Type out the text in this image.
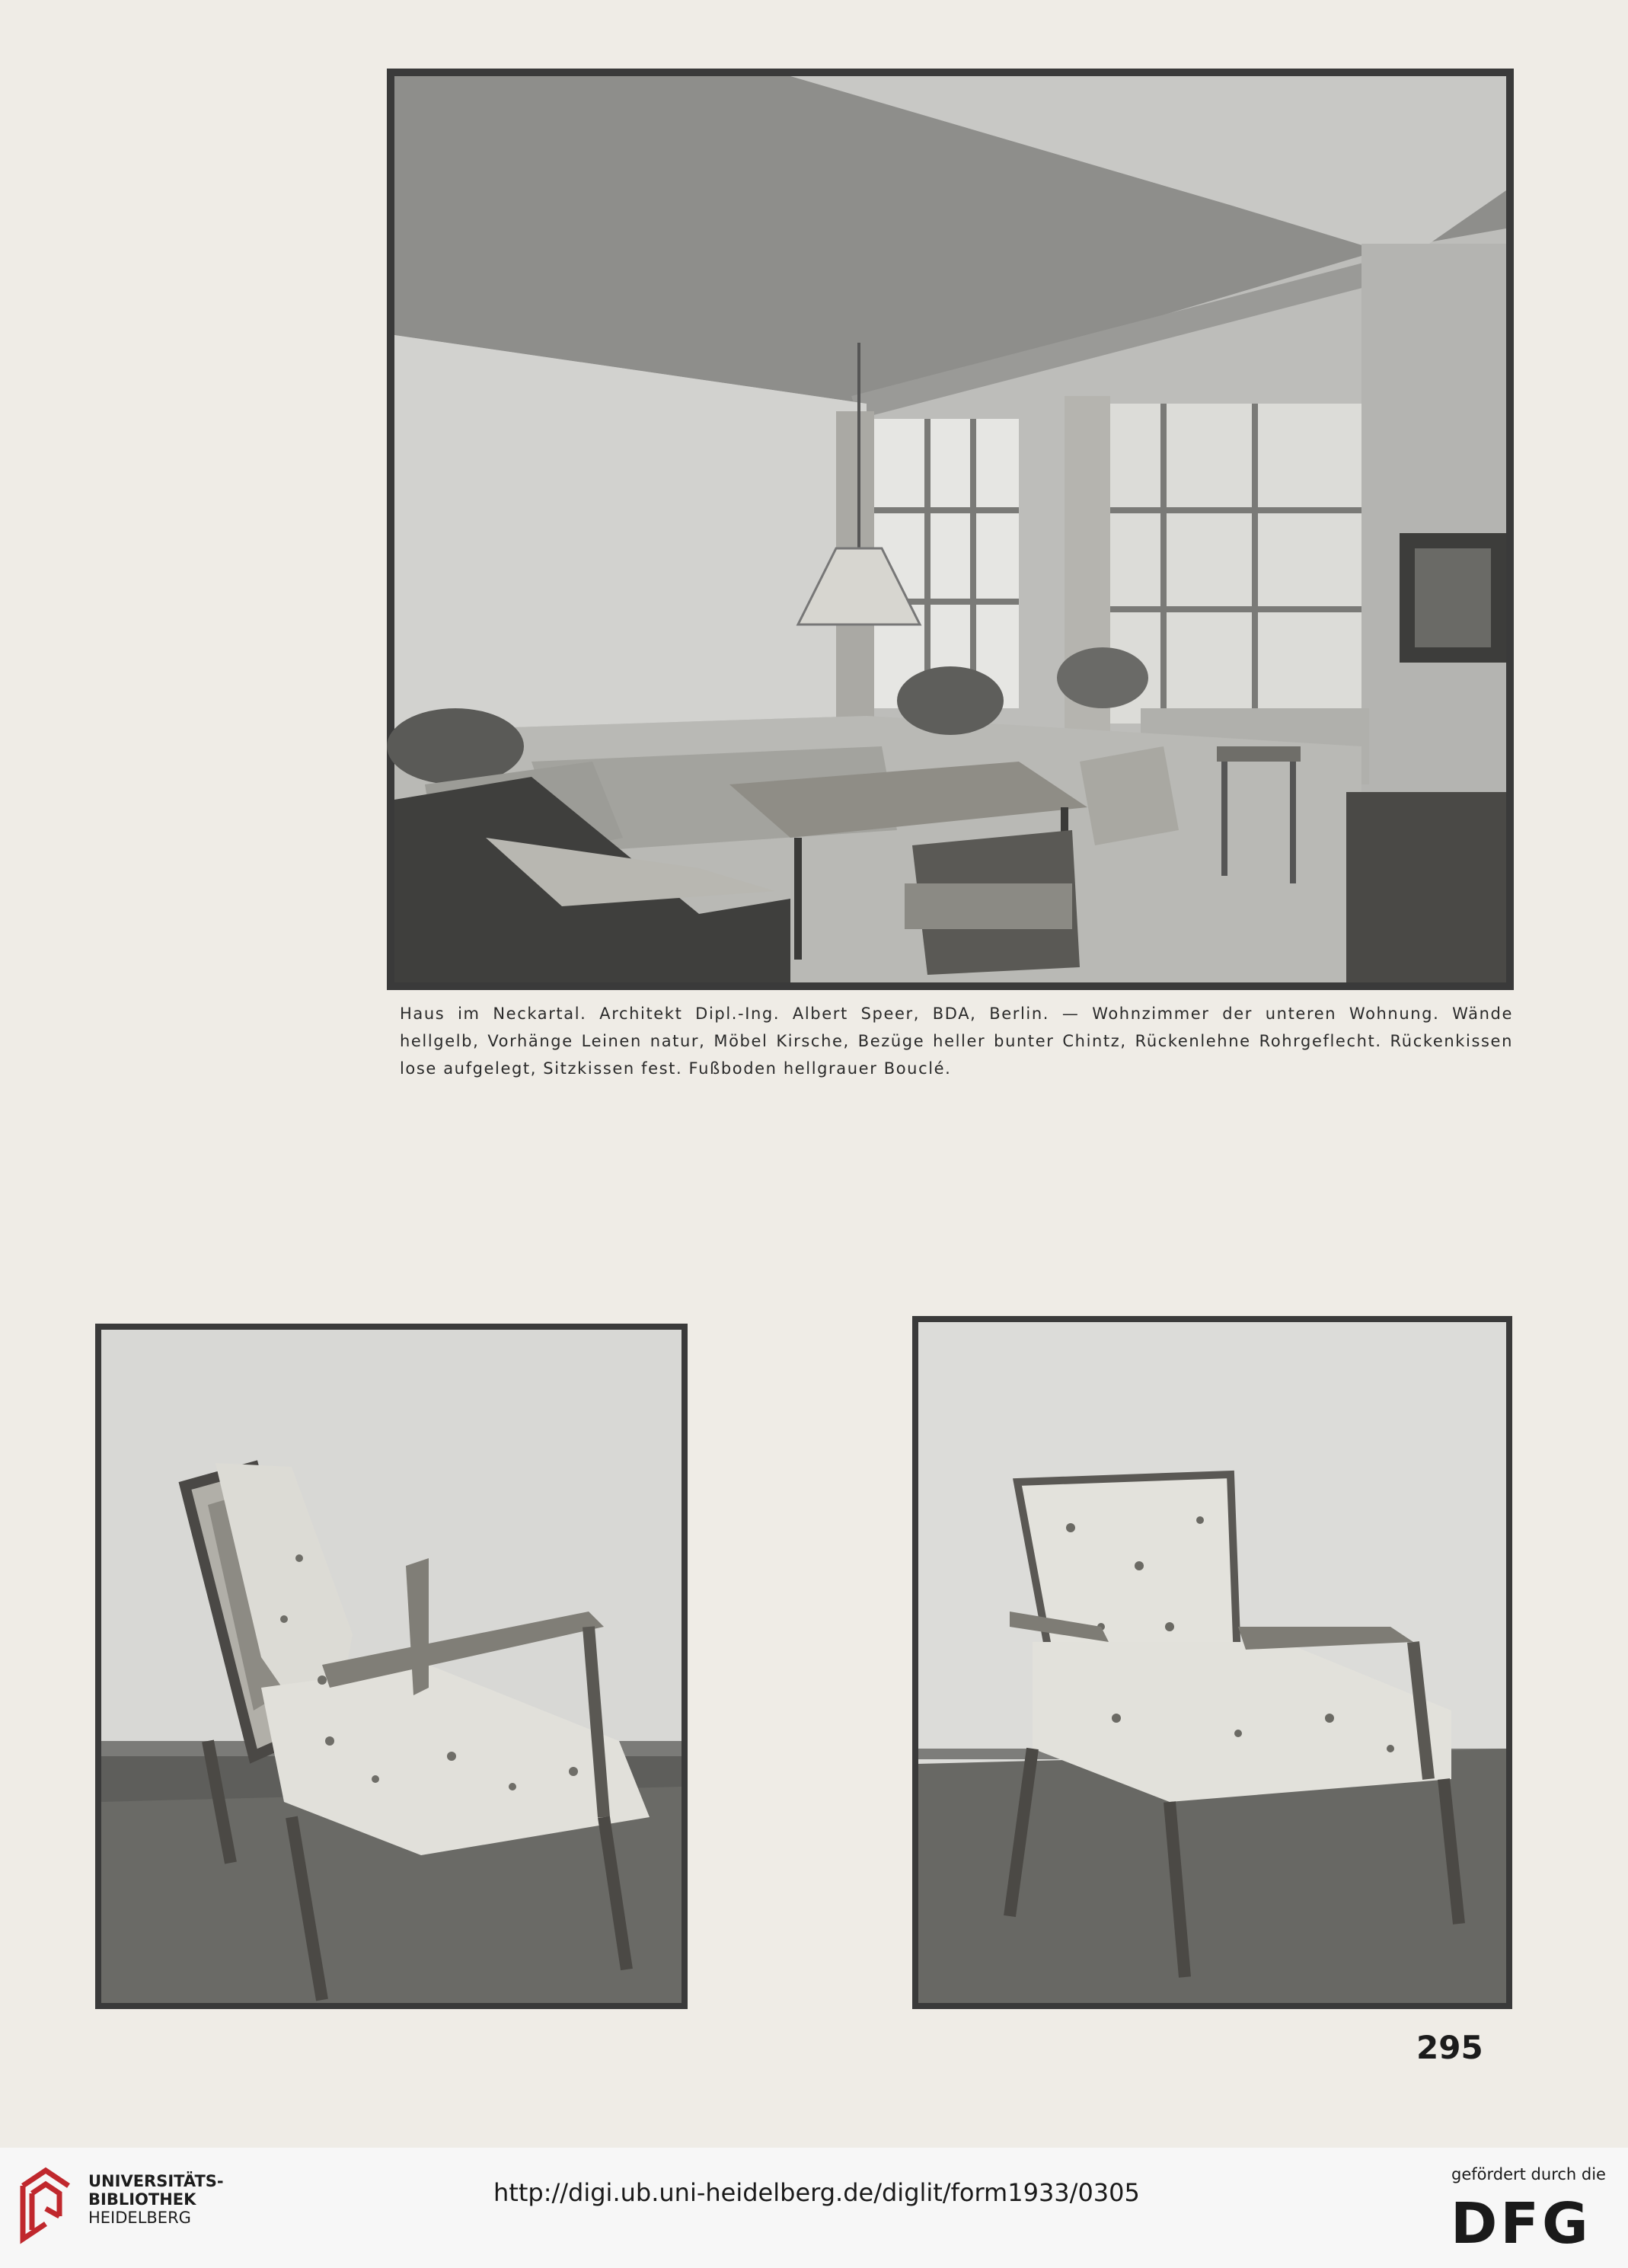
Haus im Neckartal. Architekt Dipl.-Ing. Albert Speer, BDA, Berlin. — Wohnzimmer der unteren Wohnung. Wände
hellgelb, Vorhänge Leinen natur, Möbel Kirsche, Bezüge heller bunter Chintz, Rückenlehne Rohrgeflecht. Rückenkissen
lose aufgelegt, Sitzkissen fest. Fußboden hellgrauer Bouclé.
295
UNIVERSITÄTS-
BIBLIOTHEK
HEIDELBERG
http://digi.ub.uni-heidelberg.de/diglit/form1933/0305
gefördert durch die
DFG
